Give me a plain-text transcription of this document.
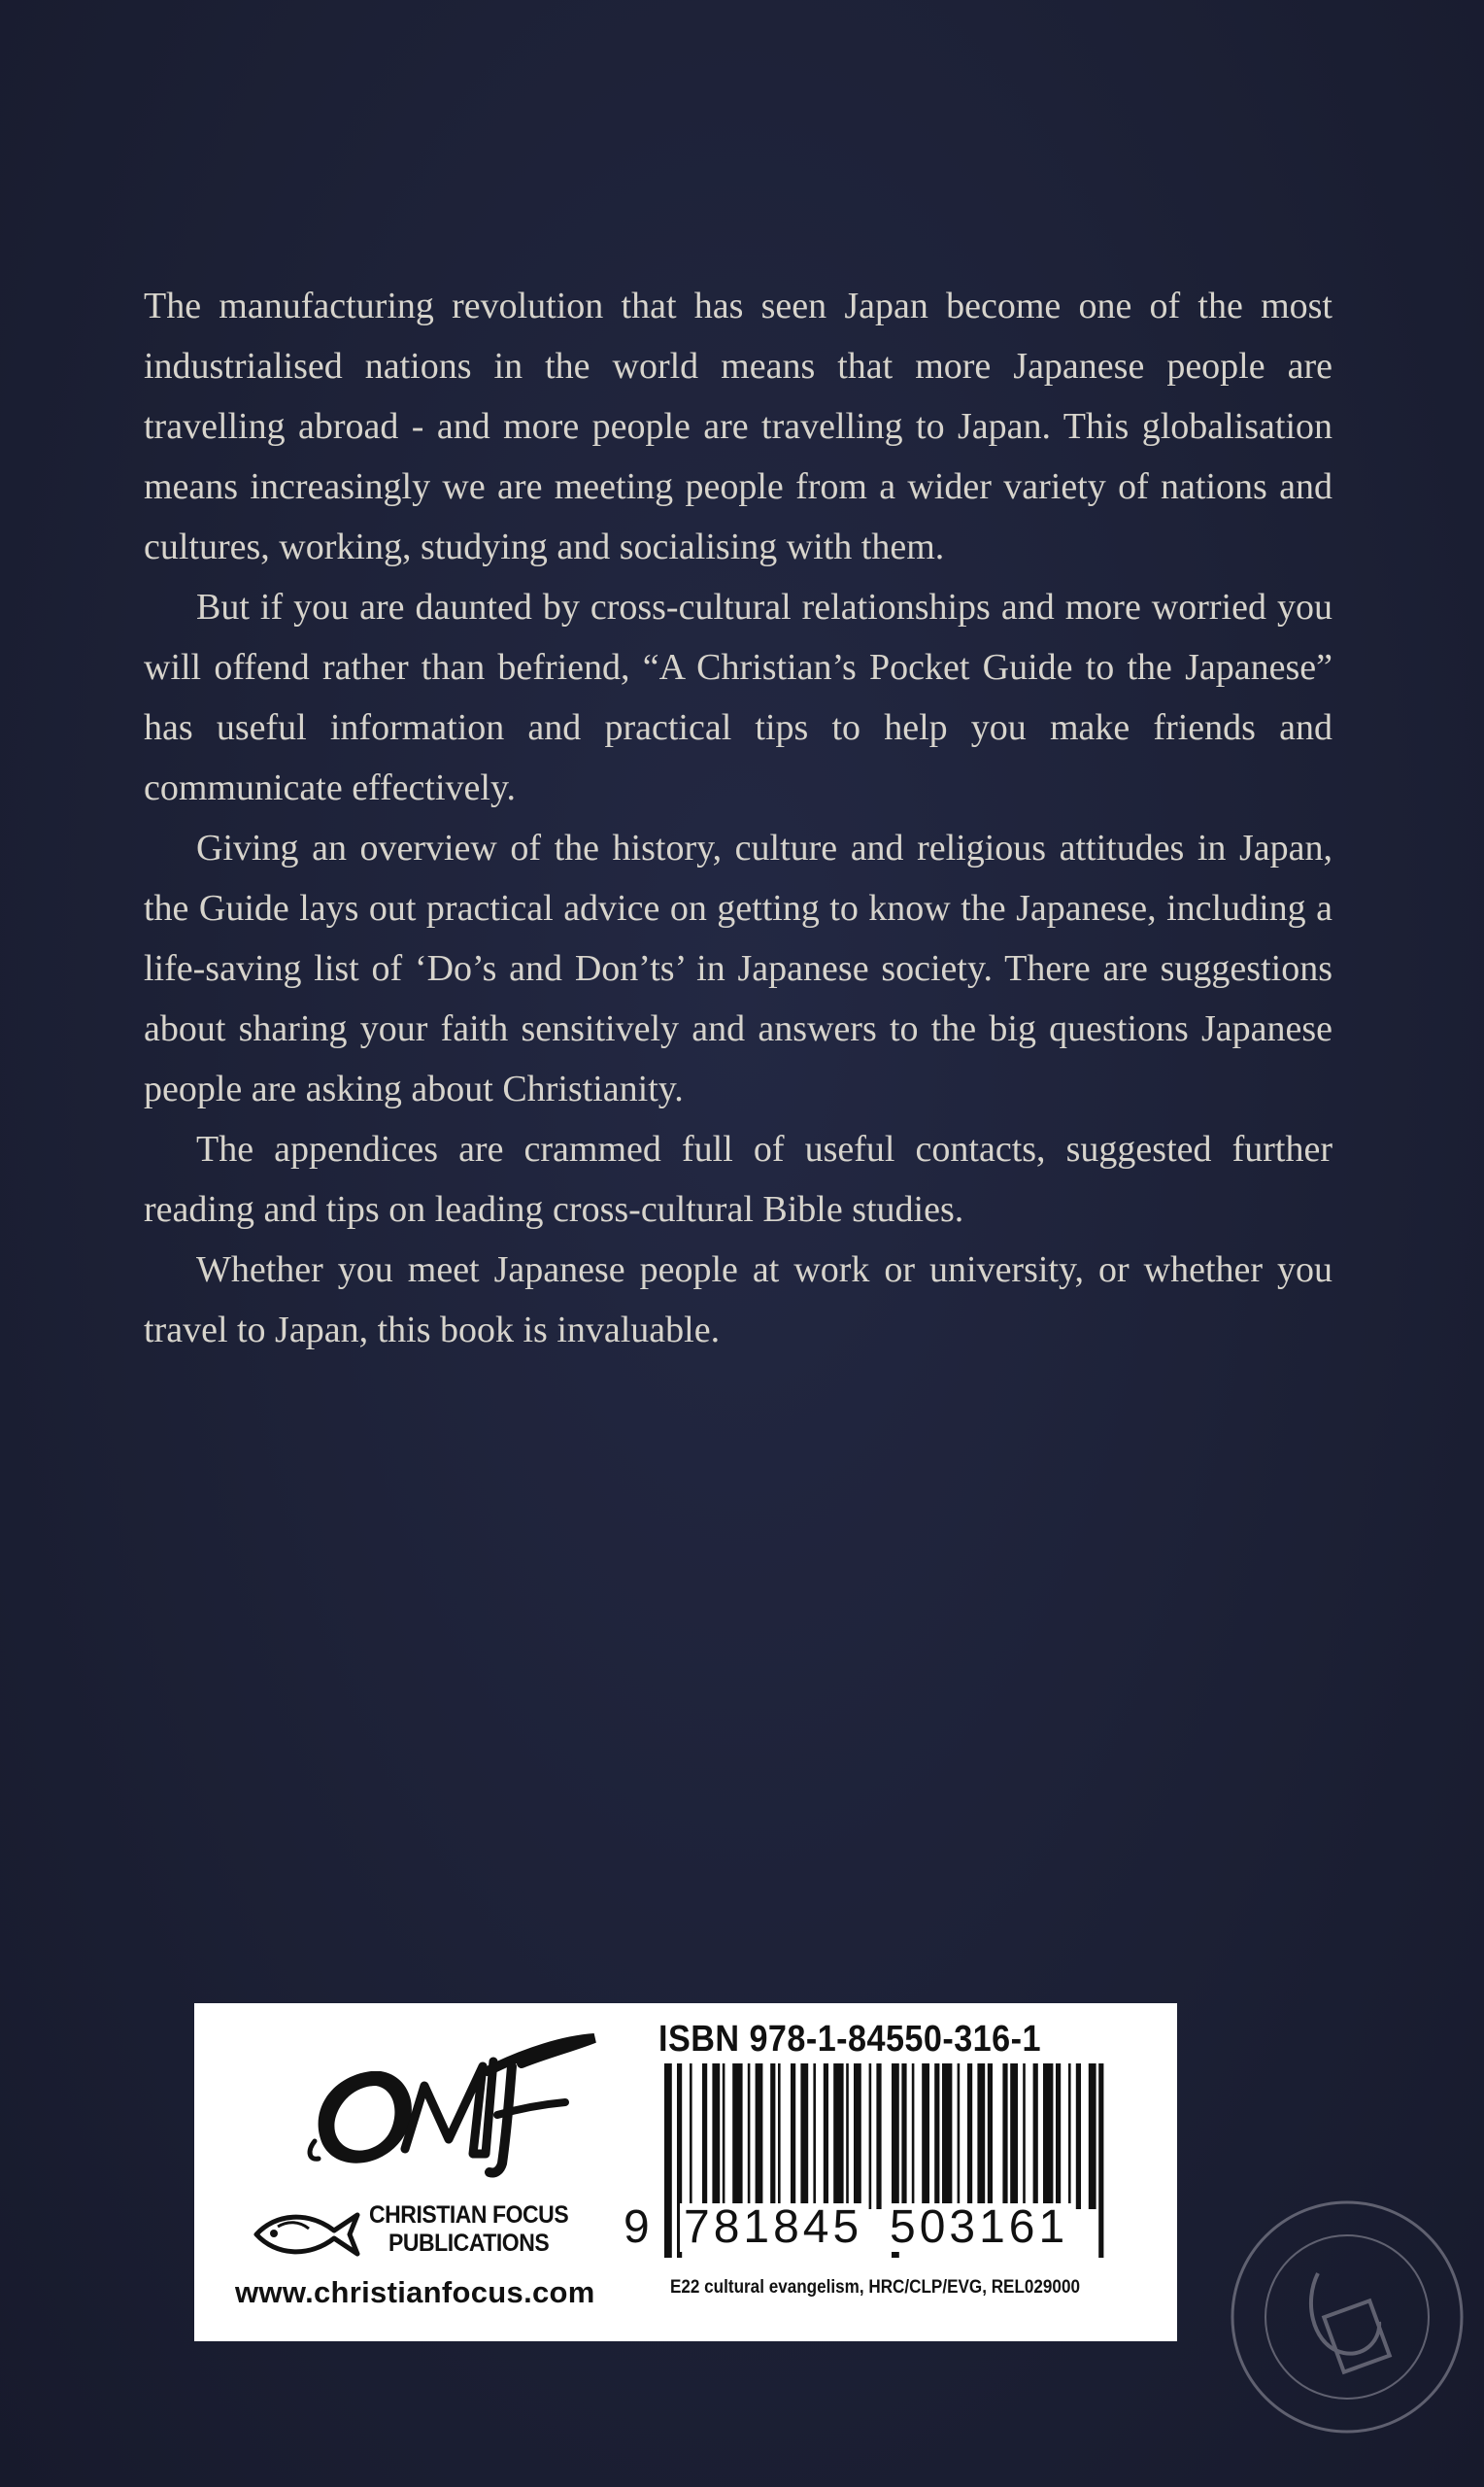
The manufacturing revolution that has seen Japan become one of the most industrialised nations in the world means that more Japanese people are travelling abroad - and more people are travelling to Japan. This globalisation means increasingly we are meeting people from a wider variety of nations and cultures, working, studying and socialising with them.

But if you are daunted by cross-cultural relationships and more worried you will offend rather than befriend, “A Christian’s Pocket Guide to the Japanese” has useful information and practical tips to help you make friends and communicate effectively.

Giving an overview of the history, culture and religious attitudes in Japan, the Guide lays out practical advice on getting to know the Japanese, including a life-saving list of ‘Do’s and Don’ts’ in Japanese society. There are suggestions about sharing your faith sensitively and answers to the big questions Japanese people are asking about Christianity.

The appendices are crammed full of useful contacts, suggested further reading and tips on leading cross-cultural Bible studies.

Whether you meet Japanese people at work or university, or whether you travel to Japan, this book is invaluable.

CHRISTIAN FOCUS
PUBLICATIONS
www.christianfocus.com
ISBN 978-1-84550-316-1
9 781845 503161
E22 cultural evangelism, HRC/CLP/EVG, REL029000
